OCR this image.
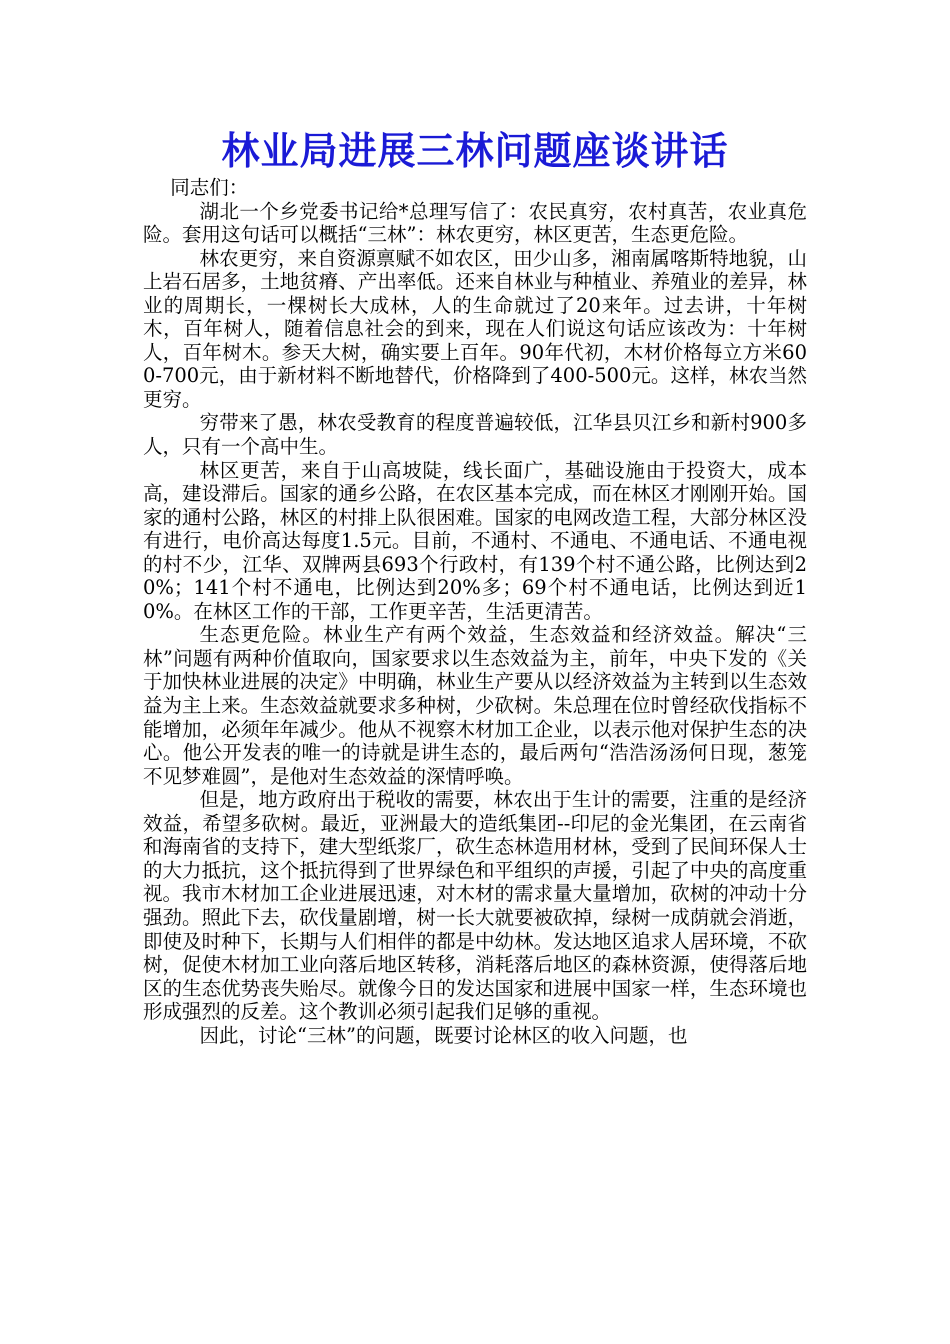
林业局进展三林问题座谈讲话

同志们：

湖北一个乡党委书记给*总理写信了：农民真穷，农村真苦，农业真危险。套用这句话可以概括“三林”：林农更穷，林区更苦，生态更危险。

林农更穷，来自资源禀赋不如农区，田少山多，湘南属喀斯特地貌，山上岩石居多，土地贫瘠、产出率低。还来自林业与种植业、养殖业的差异，林业的周期长，一棵树长大成林，人的生命就过了20来年。过去讲，十年树木，百年树人，随着信息社会的到来，现在人们说这句话应该改为：十年树人，百年树木。参天大树，确实要上百年。90年代初，木材价格每立方米600-700元，由于新材料不断地替代，价格降到了400-500元。这样，林农当然更穷。

穷带来了愚，林农受教育的程度普遍较低，江华县贝江乡和新村900多人，只有一个高中生。

林区更苦，来自于山高坡陡，线长面广，基础设施由于投资大，成本高，建设滞后。国家的通乡公路，在农区基本完成，而在林区才刚刚开始。国家的通村公路，林区的村排上队很困难。国家的电网改造工程，大部分林区没有进行，电价高达每度1.5元。目前，不通村、不通电、不通电话、不通电视的村不少，江华、双牌两县693个行政村，有139个村不通公路，比例达到20%；141个村不通电，比例达到20%多；69个村不通电话，比例达到近10%。在林区工作的干部，工作更辛苦，生活更清苦。

生态更危险。林业生产有两个效益，生态效益和经济效益。解决“三林”问题有两种价值取向，国家要求以生态效益为主，前年，中央下发的《关于加快林业进展的决定》中明确，林业生产要从以经济效益为主转到以生态效益为主上来。生态效益就要求多种树，少砍树。朱总理在位时曾经砍伐指标不能增加，必须年年减少。他从不视察木材加工企业，以表示他对保护生态的决心。他公开发表的唯一的诗就是讲生态的，最后两句“浩浩汤汤何日现，葱笼不见梦难圆”，是他对生态效益的深情呼唤。

但是，地方政府出于税收的需要，林农出于生计的需要，注重的是经济效益，希望多砍树。最近，亚洲最大的造纸集团--印尼的金光集团，在云南省和海南省的支持下，建大型纸浆厂，砍生态林造用材林，受到了民间环保人士的大力抵抗，这个抵抗得到了世界绿色和平组织的声援，引起了中央的高度重视。我市木材加工企业进展迅速，对木材的需求量大量增加，砍树的冲动十分强劲。照此下去，砍伐量剧增，树一长大就要被砍掉，绿树一成荫就会消逝，即使及时种下，长期与人们相伴的都是中幼林。发达地区追求人居环境，不砍树，促使木材加工业向落后地区转移，消耗落后地区的森林资源，使得落后地区的生态优势丧失贻尽。就像今日的发达国家和进展中国家一样，生态环境也形成强烈的反差。这个教训必须引起我们足够的重视。

因此，讨论“三林”的问题，既要讨论林区的收入问题，也
